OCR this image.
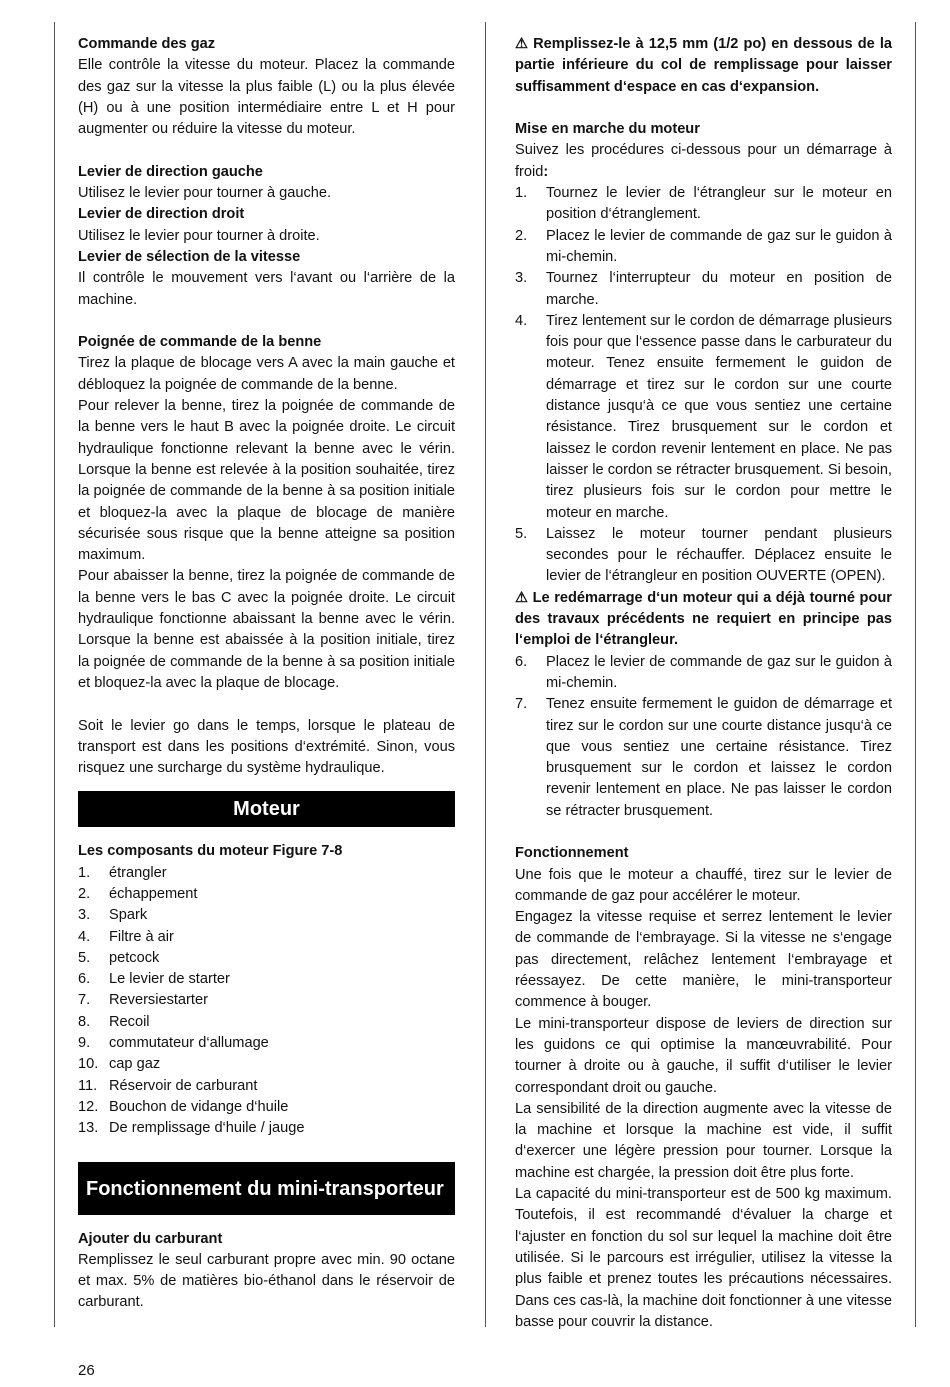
Commande des gaz

Elle contrôle la vitesse du moteur. Placez la commande des gaz sur la vitesse la plus faible (L) ou la plus élevée (H) ou à une position intermédiaire entre L et H pour augmenter ou réduire la vitesse du moteur.

Levier de direction gauche

Utilisez le levier pour tourner à gauche.

Levier de direction droit

Utilisez le levier pour tourner à droite.

Levier de sélection de la vitesse

Il contrôle le mouvement vers l‘avant ou l‘arrière de la machine.

Poignée de commande de la benne

Tirez la plaque de blocage vers A avec la main gauche et débloquez la poignée de commande de la benne.

Pour relever la benne, tirez la poignée de commande de la benne vers le haut B avec la poignée droite. Le circuit hydraulique fonctionne relevant la benne avec le vérin. Lorsque la benne est relevée à la position souhaitée, tirez la poignée de commande de la benne à sa position initiale et bloquez-la avec la plaque de blocage de manière sécurisée sous risque que la benne atteigne sa position maximum.

Pour abaisser la benne, tirez la poignée de commande de la benne vers le bas C avec la poignée droite. Le circuit hydraulique fonctionne abaissant la benne avec le vérin. Lorsque la benne est abaissée à la position initiale, tirez la poignée de commande de la benne à sa position initiale et bloquez-la avec la plaque de blocage.

Soit le levier go dans le temps, lorsque le plateau de transport est dans les positions d‘extrémité. Sinon, vous risquez une surcharge du système hydraulique.

Moteur

Les composants du moteur Figure 7-8

1.	étrangler
2.	échappement
3.	Spark
4.	Filtre à air
5.	petcock
6.	Le levier de starter
7.	Reversiestarter
8.	Recoil
9.	commutateur d‘allumage
10. cap gaz
11. Réservoir de carburant
12. Bouchon de vidange d‘huile
13. De remplissage d‘huile / jauge
Fonctionnement du mini-transporteur

Ajouter du carburant

Remplissez le seul carburant propre avec min. 90 octane et max. 5% de matières bio-éthanol dans le réservoir de carburant.

⚠ Remplissez-le à 12,5 mm (1/2 po) en dessous de la partie inférieure du col de remplissage pour laisser suffisamment d‘espace en cas d‘expansion.

Mise en marche du moteur

Suivez les procédures ci-dessous pour un démarrage à froid:

1.	Tournez le levier de l‘étrangleur sur le moteur en position d‘étranglement.
2.	Placez le levier de commande de gaz sur le guidon à mi-chemin.
3.	Tournez l‘interrupteur du moteur en position de marche.
4.	Tirez lentement sur le cordon de démarrage plusieurs fois pour que l‘essence passe dans le carburateur du moteur. Tenez ensuite fermement le guidon de démarrage et tirez sur le cordon sur une courte distance jusqu‘à ce que vous sentiez une certaine résistance. Tirez brusquement sur le cordon et laissez le cordon revenir lentement en place. Ne pas laisser le cordon se rétracter brusquement. Si besoin, tirez plusieurs fois sur le cordon pour mettre le moteur en marche.
5.	Laissez le moteur tourner pendant plusieurs secondes pour le réchauffer. Déplacez ensuite le levier de l‘étrangleur en position OUVERTE (OPEN).

⚠ Le redémarrage d‘un moteur qui a déjà tourné pour des travaux précédents ne requiert en principe pas l‘emploi de l‘étrangleur.

6.	Placez le levier de commande de gaz sur le guidon à mi-chemin.
7.	Tenez ensuite fermement le guidon de démarrage et tirez sur le cordon sur une courte distance jusqu‘à ce que vous sentiez une certaine résistance. Tirez brusquement sur le cordon et laissez le cordon revenir lentement en place. Ne pas laisser le cordon se rétracter brusquement.

Fonctionnement

Une fois que le moteur a chauffé, tirez sur le levier de commande de gaz pour accélérer le moteur.

Engagez la vitesse requise et serrez lentement le levier de commande de l‘embrayage. Si la vitesse ne s‘engage pas directement, relâchez lentement l‘embrayage et réessayez. De cette manière, le mini-transporteur commence à bouger.

Le mini-transporteur dispose de leviers de direction sur les guidons ce qui optimise la manœuvrabilité. Pour tourner à droite ou à gauche, il suffit d‘utiliser le levier correspondant droit ou gauche.

La sensibilité de la direction augmente avec la vitesse de la machine et lorsque la machine est vide, il suffit d‘exercer une légère pression pour tourner. Lorsque la machine est chargée, la pression doit être plus forte.

La capacité du mini-transporteur est de 500 kg maximum. Toutefois, il est recommandé d‘évaluer la charge et l‘ajuster en fonction du sol sur lequel la machine doit être utilisée. Si le parcours est irrégulier, utilisez la vitesse la plus faible et prenez toutes les précautions nécessaires. Dans ces cas-là, la machine doit fonctionner à une vitesse basse pour couvrir la distance.

26
